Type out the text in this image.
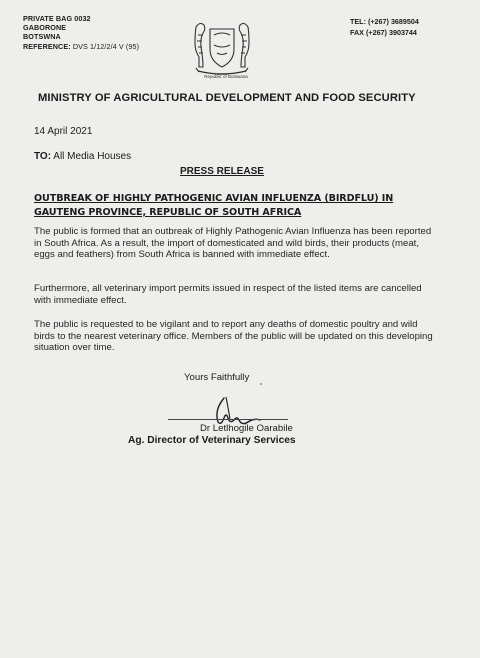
PRIVATE BAG 0032
GABORONE
BOTSWNA
REFERENCE: DVS 1/12/2/4 V (95)
Republic of Botswana
TEL: (+267) 3689504
FAX (+267) 3903744
MINISTRY OF AGRICULTURAL DEVELOPMENT AND FOOD SECURITY
14 April 2021
TO: All Media Houses
PRESS RELEASE
OUTBREAK OF HIGHLY PATHOGENIC AVIAN INFLUENZA (BIRDFLU) IN GAUTENG PROVINCE, REPUBLIC OF SOUTH AFRICA
The public is formed that an outbreak of Highly Pathogenic Avian Influenza has been reported in South Africa. As a result, the import of domesticated and wild birds, their products (meat, eggs and feathers) from South Africa is banned with immediate effect.
Furthermore, all veterinary import permits issued in respect of the listed items are cancelled with immediate effect.
The public is requested to be vigilant and to report any deaths of domestic poultry and wild birds to the nearest veterinary office. Members of the public will be updated on this developing situation over time.
Yours Faithfully
Dr Letlhogile Oarabile
Ag. Director of Veterinary Services
